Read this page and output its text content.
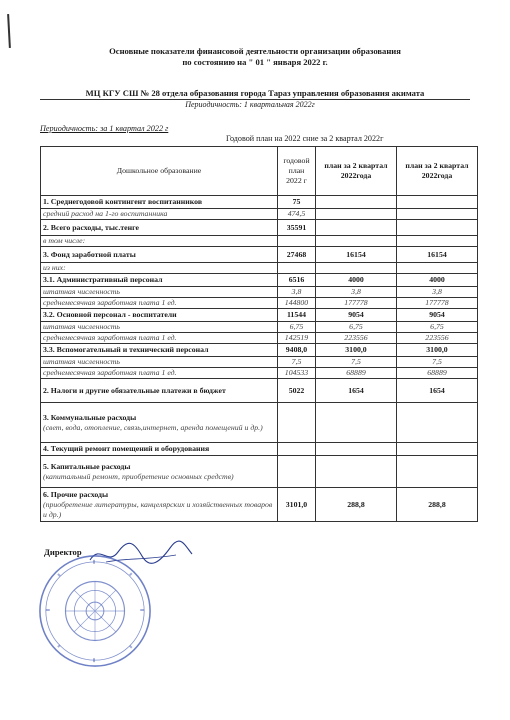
Основные показатели финансовой деятельности организации образования
по состоянию на " 01 " января 2022 г.
МЦ КГУ СШ № 28 отдела образования города Тараз управления образования акимата
Периодичность: 1 квартальная 2022г
Периодичность: за 1 квартал 2022 г
Годовой план на 2022 сние за 2 квартал 2022г
Дошкольное образование	годовой план 2022 г	план за 2 квартал 2022года	план за 2 квартал 2022года
1. Среднегодовой контингент воспитанников	75		
средний расход на 1-го воспитанника	474,5		
2. Всего расходы, тыс.тенге	35591		
в том числе:			
3. Фонд заработной платы	27468	16154	16154
из них:			
3.1. Административный персонал	6516	4000	4000
штатная численность	3,8	3,8	3,8
среднемесячная заработная плата 1 ед.	144800	177778	177778
3.2. Основной персонал - воспитатели	11544	9054	9054
штатная численность	6,75	6,75	6,75
среднемесячная заработная плата 1 ед.	142519	223556	223556
3.3. Вспомогательный и технический персонал	9408,0	3100,0	3100,0
штатная численность	7,5	7,5	7,5
среднемесячная заработная плата 1 ед.	104533	68889	68889
2. Налоги и другие обязательные платежи в бюджет	5022	1654	1654
3. Коммунальные расходы
(свет, вода, отопление, связь,интернет, аренда помещений и др.)			

4. Текущий ремонт помещений и оборудования			
5. Капитальные расходы
(капитальный ремонт, приобретение основных средств)			

6. Прочие расходы
(приобретение литературы, канцелярских и хозяйственных товаров и др.)	3101,0	288,8	288,8
Директор
